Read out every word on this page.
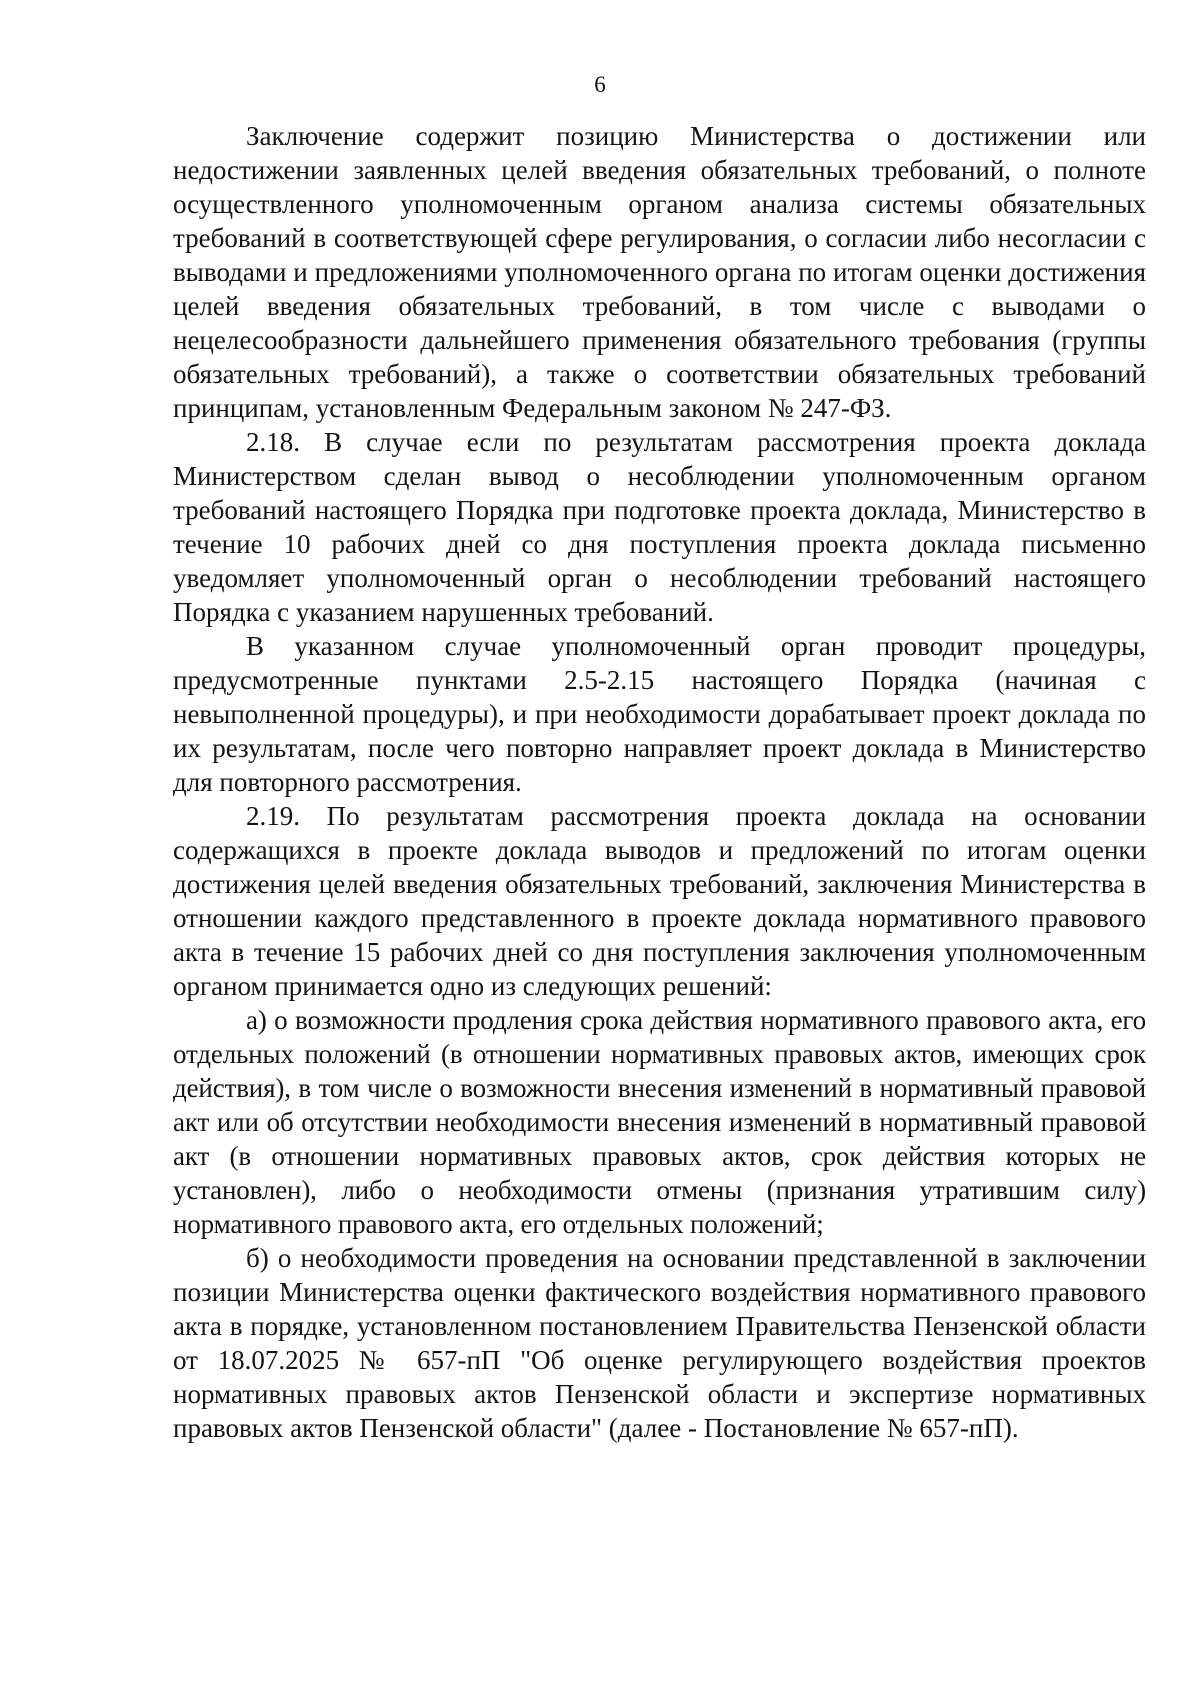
6

Заключение содержит позицию Министерства о достижении или недостижении заявленных целей введения обязательных требований, о полноте осуществленного уполномоченным органом анализа системы обязательных требований в соответствующей сфере регулирования, о согласии либо несогласии с выводами и предложениями уполномоченного органа по итогам оценки достижения целей введения обязательных требований, в том числе с выводами о нецелесообразности дальнейшего применения обязательного требования (группы обязательных требований), а также о соответствии обязательных требований принципам, установленным Федеральным законом № 247-ФЗ.

2.18. В случае если по результатам рассмотрения проекта доклада Министерством сделан вывод о несоблюдении уполномоченным органом требований настоящего Порядка при подготовке проекта доклада, Министерство в течение 10 рабочих дней со дня поступления проекта доклада письменно уведомляет уполномоченный орган о несоблюдении требований настоящего Порядка с указанием нарушенных требований.

В указанном случае уполномоченный орган проводит процедуры, предусмотренные пунктами 2.5-2.15 настоящего Порядка (начиная с невыполненной процедуры), и при необходимости дорабатывает проект доклада по их результатам, после чего повторно направляет проект доклада в Министерство для повторного рассмотрения.

2.19. По результатам рассмотрения проекта доклада на основании содержащихся в проекте доклада выводов и предложений по итогам оценки достижения целей введения обязательных требований, заключения Министерства в отношении каждого представленного в проекте доклада нормативного правового акта в течение 15 рабочих дней со дня поступления заключения уполномоченным органом принимается одно из следующих решений:

а) о возможности продления срока действия нормативного правового акта, его отдельных положений (в отношении нормативных правовых актов, имеющих срок действия), в том числе о возможности внесения изменений в нормативный правовой акт или об отсутствии необходимости внесения изменений в нормативный правовой акт (в отношении нормативных правовых актов, срок действия которых не установлен), либо о необходимости отмены (признания утратившим силу) нормативного правового акта, его отдельных положений;

б) о необходимости проведения на основании представленной в заключении позиции Министерства оценки фактического воздействия нормативного правового акта в порядке, установленном постановлением Правительства Пензенской области от 18.07.2025 № 657-пП "Об оценке регулирующего воздействия проектов нормативных правовых актов Пензенской области и экспертизе нормативных правовых актов Пензенской области" (далее - Постановление № 657-пП).
